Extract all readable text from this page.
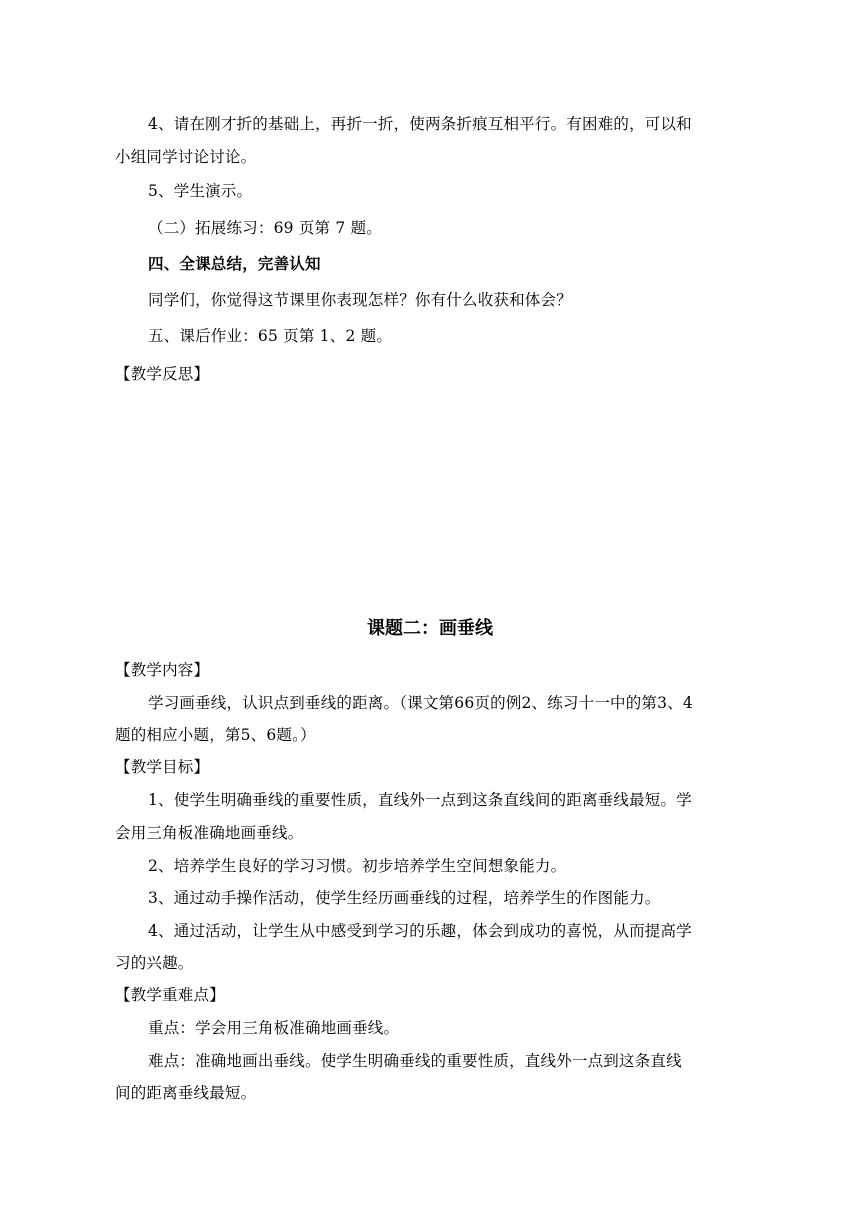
4、请在刚才折的基础上，再折一折，使两条折痕互相平行。有困难的，可以和
小组同学讨论讨论。
5、学生演示。
（二）拓展练习：69 页第 7 题。
四、全课总结，完善认知
同学们，你觉得这节课里你表现怎样？你有什么收获和体会？
五、课后作业：65 页第 1、2 题。
【教学反思】
课题二：画垂线
【教学内容】
学习画垂线，认识点到垂线的距离。（课文第66页的例2、练习十一中的第3、4
题的相应小题，第5、6题。）
【教学目标】
1、使学生明确垂线的重要性质，直线外一点到这条直线间的距离垂线最短。学
会用三角板准确地画垂线。
2、培养学生良好的学习习惯。初步培养学生空间想象能力。
3、通过动手操作活动，使学生经历画垂线的过程，培养学生的作图能力。
4、通过活动，让学生从中感受到学习的乐趣，体会到成功的喜悦，从而提高学
习的兴趣。
【教学重难点】
重点：学会用三角板准确地画垂线。
难点：准确地画出垂线。使学生明确垂线的重要性质，直线外一点到这条直线
间的距离垂线最短。
